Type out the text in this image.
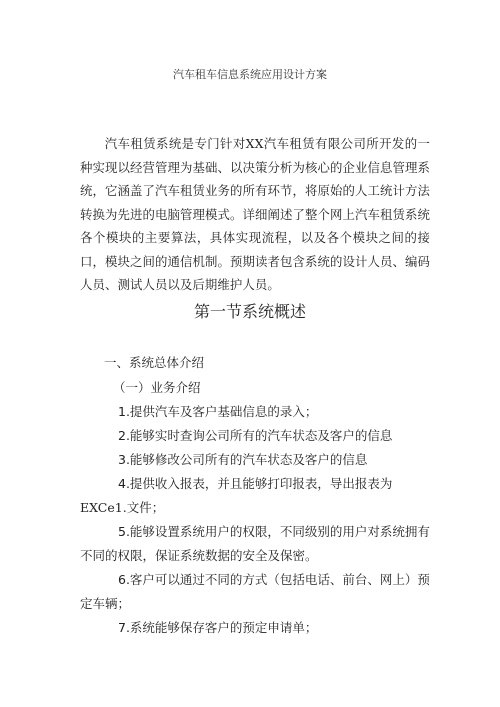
汽车租车信息系统应用设计方案

汽车租赁系统是专门针对XX汽车租赁有限公司所开发的一种实现以经营管理为基础、以决策分析为核心的企业信息管理系统，它涵盖了汽车租赁业务的所有环节，将原始的人工统计方法转换为先进的电脑管理模式。详细阐述了整个网上汽车租赁系统各个模块的主要算法，具体实现流程，以及各个模块之间的接口，模块之间的通信机制。预期读者包含系统的设计人员、编码人员、测试人员以及后期维护人员。

第一节系统概述

一、系统总体介绍

（一）业务介绍

1.提供汽车及客户基础信息的录入；
2.能够实时查询公司所有的汽车状态及客户的信息
3.能够修改公司所有的汽车状态及客户的信息
4.提供收入报表，并且能够打印报表，导出报表为EXCe1.文件；
5.能够设置系统用户的权限，不同级别的用户对系统拥有不同的权限，保证系统数据的安全及保密。
6.客户可以通过不同的方式（包括电话、前台、网上）预定车辆；
7.系统能够保存客户的预定申请单；
